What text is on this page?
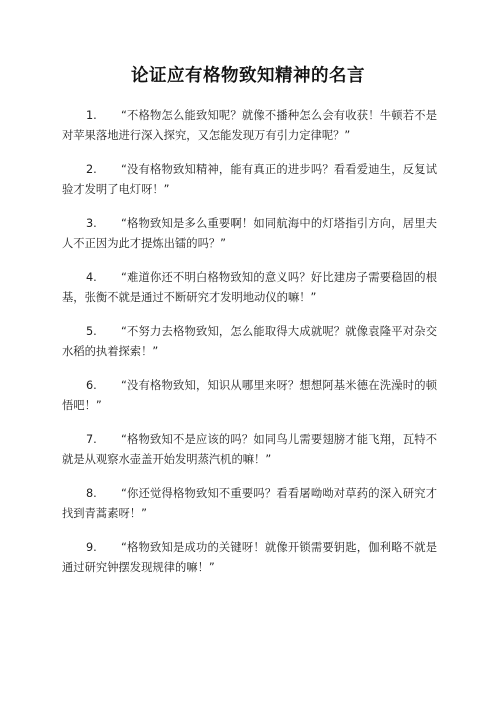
论证应有格物致知精神的名言
1. “不格物怎么能致知呢？就像不播种怎么会有收获！牛顿若不是对苹果落地进行深入探究，又怎能发现万有引力定律呢？”
2. “没有格物致知精神，能有真正的进步吗？看看爱迪生，反复试验才发明了电灯呀！”
3. “格物致知是多么重要啊！如同航海中的灯塔指引方向，居里夫人不正因为此才提炼出镭的吗？”
4. “难道你还不明白格物致知的意义吗？好比建房子需要稳固的根基，张衡不就是通过不断研究才发明地动仪的嘛！”
5. “不努力去格物致知，怎么能取得大成就呢？就像袁隆平对杂交水稻的执着探索！”
6. “没有格物致知，知识从哪里来呀？想想阿基米德在洗澡时的顿悟吧！”
7. “格物致知不是应该的吗？如同鸟儿需要翅膀才能飞翔，瓦特不就是从观察水壶盖开始发明蒸汽机的嘛！”
8. “你还觉得格物致知不重要吗？看看屠呦呦对草药的深入研究才找到青蒿素呀！”
9. “格物致知是成功的关键呀！就像开锁需要钥匙，伽利略不就是通过研究钟摆发现规律的嘛！”
